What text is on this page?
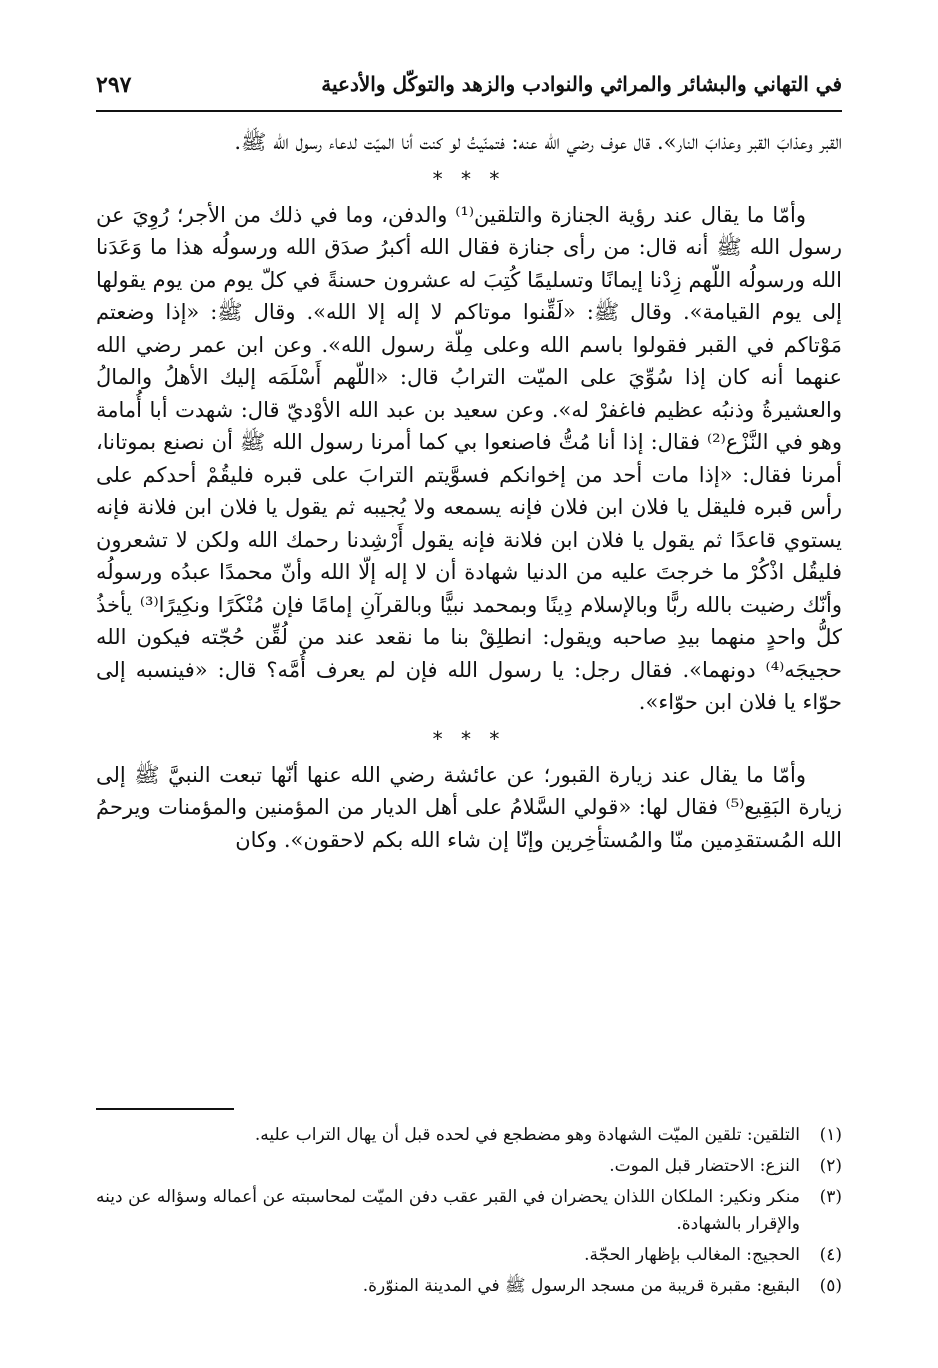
في التهاني والبشائر والمراثي والنوادب والزهد والتوكّل والأدعية
٢٩٧

القبر وعذابَ القبر وعذابَ النار». قال عوف رضي الله عنه: فتمنّيتُ لو كنت أنا الميّت لدعاء رسول الله ﷺ.

* * *

وأمّا ما يقال عند رؤية الجنازة والتلقين⁽¹⁾ والدفن، وما في ذلك من الأجر؛ رُوِيَ عن رسول الله ﷺ أنه قال: من رأى جنازة فقال الله أكبرُ صدَق الله ورسولُه هذا ما وَعَدَنا الله ورسولُه اللّهم زِدْنا إيمانًا وتسليمًا كُتِبَ له عشرون حسنةً في كلّ يوم من يوم يقولها إلى يوم القيامة». وقال ﷺ: «لَقِّنوا موتاكم لا إله إلا الله». وقال ﷺ: «إذا وضعتم مَوْتاكم في القبر فقولوا باسم الله وعلى مِلّة رسول الله». وعن ابن عمر رضي الله عنهما أنه كان إذا سُوِّيَ على الميّت الترابُ قال: «اللّهم أَسْلَمَه إليك الأهلُ والمالُ والعشيرةُ وذنبُه عظيم فاغفرْ له». وعن سعيد بن عبد الله الأوْديّ قال: شهدت أبا أُمامة وهو في النَّزْع⁽²⁾ فقال: إذا أنا مُتُّ فاصنعوا بي كما أمرنا رسول الله ﷺ أن نصنع بموتانا، أمرنا فقال: «إذا مات أحد من إخوانكم فسوَّيتم الترابَ على قبره فليقُمْ أحدكم على رأس قبره فليقل يا فلان ابن فلان فإنه يسمعه ولا يُجيبه ثم يقول يا فلان ابن فلانة فإنه يستوي قاعدًا ثم يقول يا فلان ابن فلانة فإنه يقول أَرْشِدنا رحمك الله ولكن لا تشعرون فليقُل اذْكُرْ ما خرجتَ عليه من الدنيا شهادة أن لا إله إلّا الله وأنّ محمدًا عبدُه ورسولُه وأنّك رضيت بالله ربًّا وبالإسلام دِينًا وبمحمد نبيًّا وبالقرآنِ إمامًا فإن مُنْكَرًا ونكِيرًا⁽³⁾ يأخذُ كلُّ واحدٍ منهما بيدِ صاحبه ويقول: انطلِقْ بنا ما نقعد عند من لُقِّن حُجّته فيكون الله حجيجَه⁽⁴⁾ دونهما». فقال رجل: يا رسول الله فإن لم يعرف أُمَّه؟ قال: «فينسبه إلى حوّاء يا فلان ابن حوّاء».

* * *

وأمّا ما يقال عند زيارة القبور؛ عن عائشة رضي الله عنها أنّها تبعت النبيَّ ﷺ إلى زيارة البَقِيع⁽⁵⁾ فقال لها: «قولي السَّلامُ على أهل الديار من المؤمنين والمؤمنات ويرحمُ الله المُستقدِمين منّا والمُستأخِرين وإنّا إن شاء الله بكم لاحقون». وكان

(١)
التلقين: تلقين الميّت الشهادة وهو مضطجع في لحده قبل أن يهال التراب عليه.
(٢)
النزع: الاحتضار قبل الموت.
(٣)
منكر ونكير: الملكان اللذان يحضران في القبر عقب دفن الميّت لمحاسبته عن أعماله وسؤاله عن دينه والإقرار بالشهادة.
(٤)
الحجيج: المغالب بإظهار الحجّة.
(٥)
البقيع: مقبرة قريبة من مسجد الرسول ﷺ في المدينة المنوّرة.
